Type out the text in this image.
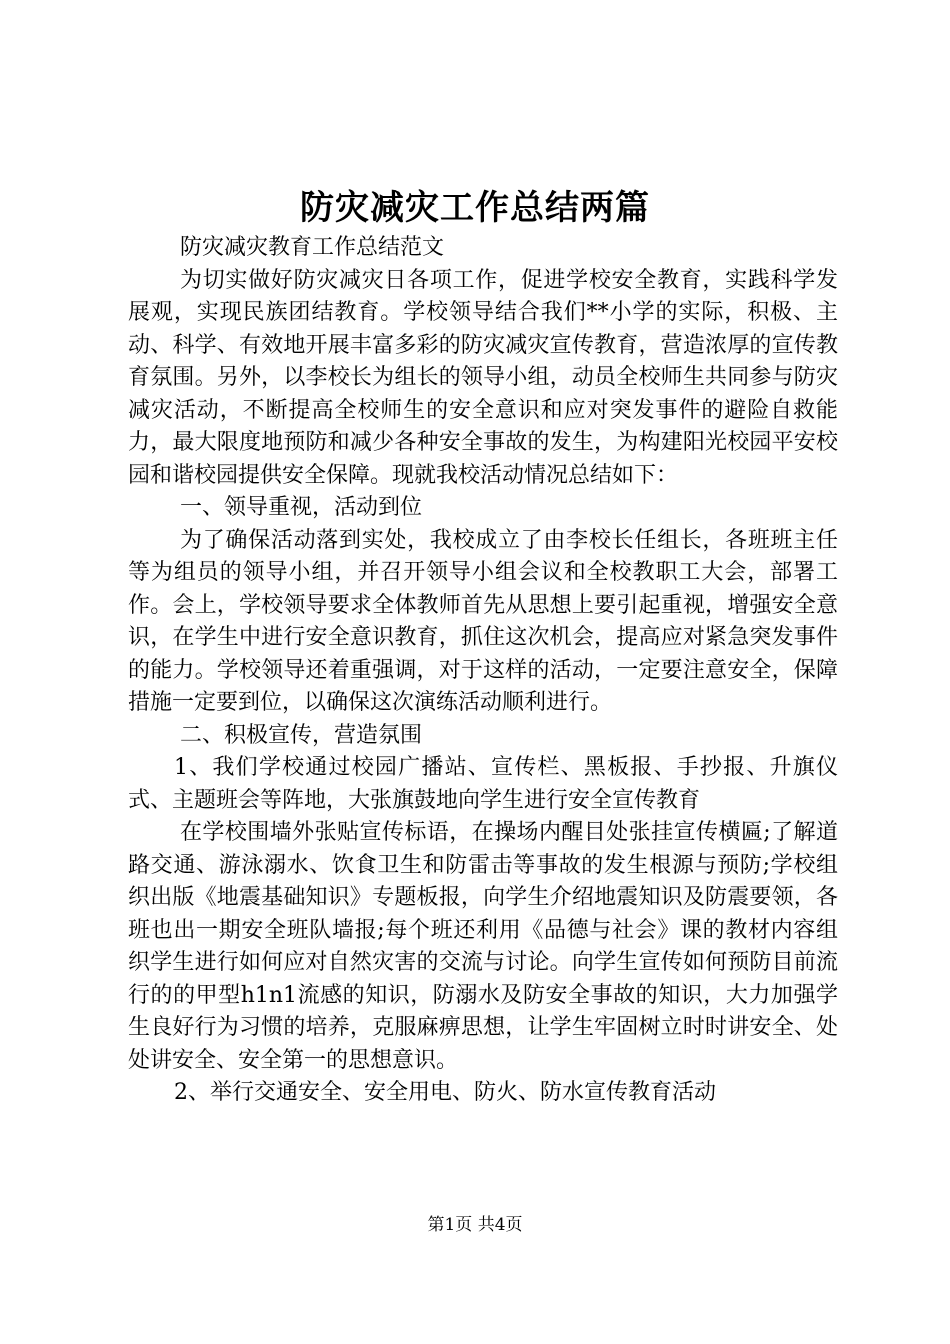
防灾减灾工作总结两篇

防灾减灾教育工作总结范文

为切实做好防灾减灾日各项工作，促进学校安全教育，实践科学发展观，实现民族团结教育。学校领导结合我们**小学的实际，积极、主动、科学、有效地开展丰富多彩的防灾减灾宣传教育，营造浓厚的宣传教育氛围。另外，以李校长为组长的领导小组，动员全校师生共同参与防灾减灾活动，不断提高全校师生的安全意识和应对突发事件的避险自救能力，最大限度地预防和减少各种安全事故的发生，为构建阳光校园平安校园和谐校园提供安全保障。现就我校活动情况总结如下：

一、领导重视，活动到位

为了确保活动落到实处，我校成立了由李校长任组长，各班班主任等为组员的领导小组，并召开领导小组会议和全校教职工大会，部署工作。会上，学校领导要求全体教师首先从思想上要引起重视，增强安全意识，在学生中进行安全意识教育，抓住这次机会，提高应对紧急突发事件的能力。学校领导还着重强调，对于这样的活动，一定要注意安全，保障措施一定要到位，以确保这次演练活动顺利进行。

二、积极宣传，营造氛围

1、我们学校通过校园广播站、宣传栏、黑板报、手抄报、升旗仪式、主题班会等阵地，大张旗鼓地向学生进行安全宣传教育

在学校围墙外张贴宣传标语，在操场内醒目处张挂宣传横匾;了解道路交通、游泳溺水、饮食卫生和防雷击等事故的发生根源与预防;学校组织出版《地震基础知识》专题板报，向学生介绍地震知识及防震要领，各班也出一期安全班队墙报;每个班还利用《品德与社会》课的教材内容组织学生进行如何应对自然灾害的交流与讨论。向学生宣传如何预防目前流行的的甲型h1n1流感的知识，防溺水及防安全事故的知识，大力加强学生良好行为习惯的培养，克服麻痹思想，让学生牢固树立时时讲安全、处处讲安全、安全第一的思想意识。

2、举行交通安全、安全用电、防火、防水宣传教育活动

第1页 共4页
